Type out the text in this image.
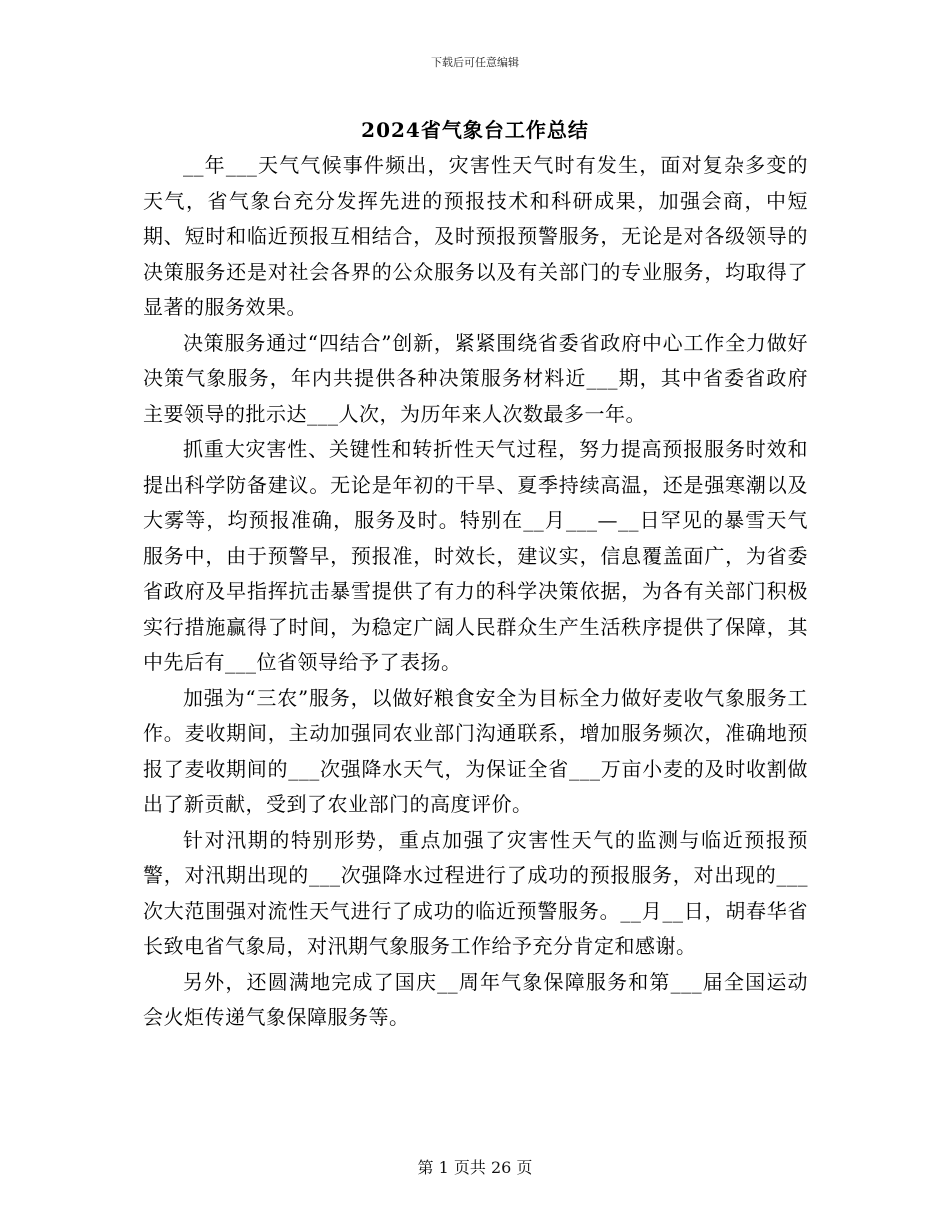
下载后可任意编辑
2024省气象台工作总结

__年___天气气候事件频出，灾害性天气时有发生，面对复杂多变的天气，省气象台充分发挥先进的预报技术和科研成果，加强会商，中短期、短时和临近预报互相结合，及时预报预警服务，无论是对各级领导的决策服务还是对社会各界的公众服务以及有关部门的专业服务，均取得了显著的服务效果。

决策服务通过“四结合”创新，紧紧围绕省委省政府中心工作全力做好决策气象服务，年内共提供各种决策服务材料近___期，其中省委省政府主要领导的批示达___人次，为历年来人次数最多一年。

抓重大灾害性、关键性和转折性天气过程，努力提高预报服务时效和提出科学防备建议。无论是年初的干旱、夏季持续高温，还是强寒潮以及大雾等，均预报准确，服务及时。特别在__月___—__日罕见的暴雪天气服务中，由于预警早，预报准，时效长，建议实，信息覆盖面广，为省委省政府及早指挥抗击暴雪提供了有力的科学决策依据，为各有关部门积极实行措施赢得了时间，为稳定广阔人民群众生产生活秩序提供了保障，其中先后有___位省领导给予了表扬。

加强为“三农”服务，以做好粮食安全为目标全力做好麦收气象服务工作。麦收期间，主动加强同农业部门沟通联系，增加服务频次，准确地预报了麦收期间的___次强降水天气，为保证全省___万亩小麦的及时收割做出了新贡献，受到了农业部门的高度评价。

针对汛期的特别形势，重点加强了灾害性天气的监测与临近预报预警，对汛期出现的___次强降水过程进行了成功的预报服务，对出现的___次大范围强对流性天气进行了成功的临近预警服务。__月__日，胡春华省长致电省气象局，对汛期气象服务工作给予充分肯定和感谢。

另外，还圆满地完成了国庆__周年气象保障服务和第___届全国运动会火炬传递气象保障服务等。

第 1 页共 26 页
